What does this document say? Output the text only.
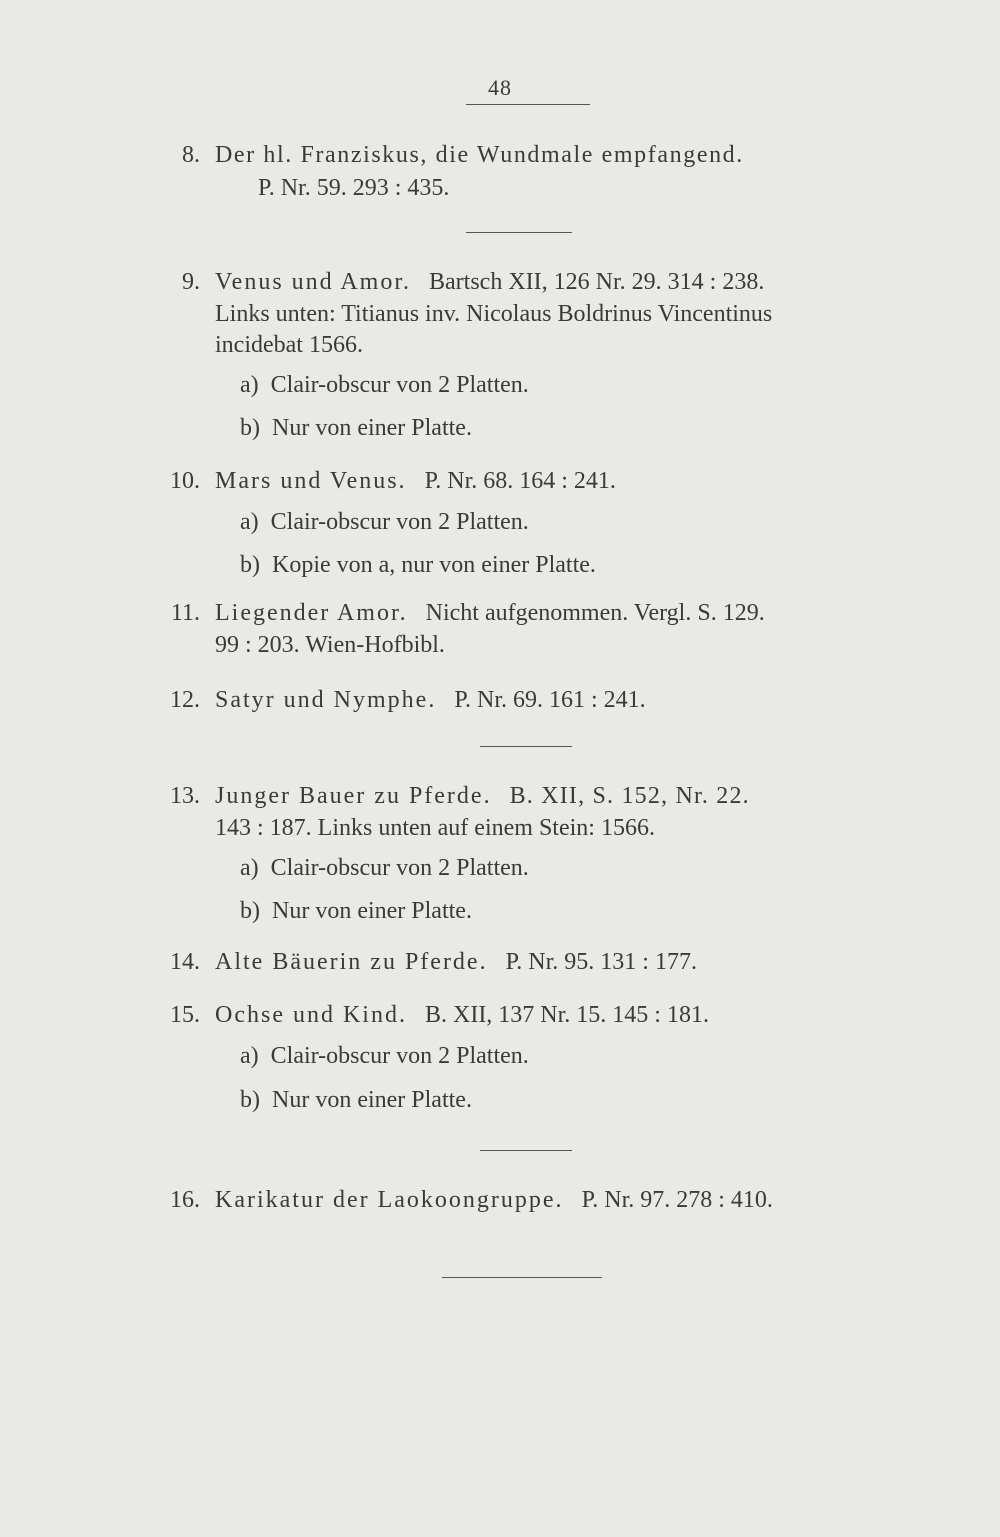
48
8. Der hl. Franziskus, die Wundmale empfangend.
P. Nr. 59. 293 : 435.
9. Venus und Amor. Bartsch XII, 126 Nr. 29. 314 : 238.
Links unten: Titianus inv. Nicolaus Boldrinus Vincentinus
incidebat 1566.
a) Clair-obscur von 2 Platten.
b) Nur von einer Platte.
10. Mars und Venus. P. Nr. 68. 164 : 241.
a) Clair-obscur von 2 Platten.
b) Kopie von a, nur von einer Platte.
11. Liegender Amor. Nicht aufgenommen. Vergl. S. 129.
99 : 203. Wien-Hofbibl.
12. Satyr und Nymphe. P. Nr. 69. 161 : 241.
13. Junger Bauer zu Pferde. B. XII, S. 152, Nr. 22.
143 : 187. Links unten auf einem Stein: 1566.
a) Clair-obscur von 2 Platten.
b) Nur von einer Platte.
14. Alte Bäuerin zu Pferde. P. Nr. 95. 131 : 177.
15. Ochse und Kind. B. XII, 137 Nr. 15. 145 : 181.
a) Clair-obscur von 2 Platten.
b) Nur von einer Platte.
16. Karikatur der Laokoongruppe. P. Nr. 97. 278 : 410.
